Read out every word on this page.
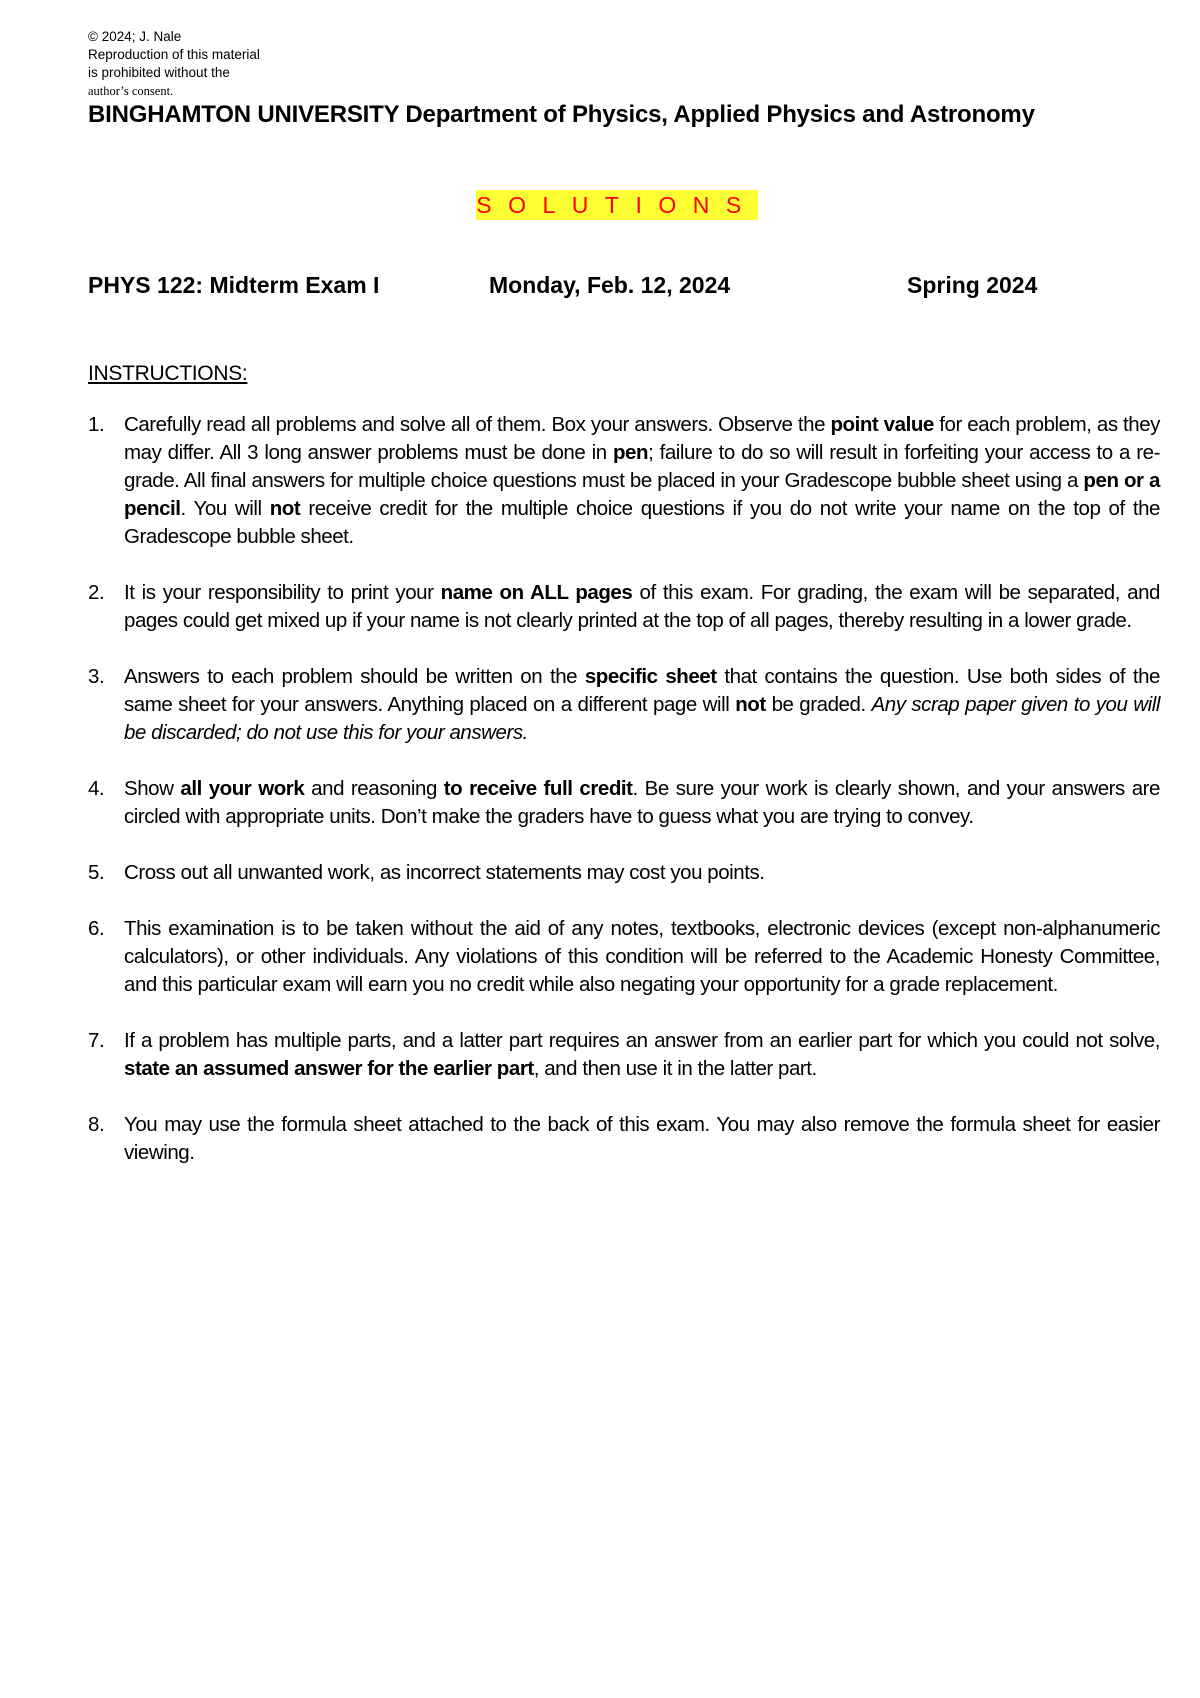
© 2024; J. Nale
Reproduction of this material
is prohibited without the
author’s consent.
BINGHAMTON UNIVERSITY Department of Physics, Applied Physics and Astronomy
SOLUTIONS
PHYS 122: Midterm Exam I	Monday, Feb. 12, 2024	Spring 2024
INSTRUCTIONS:
1. Carefully read all problems and solve all of them. Box your answers. Observe the point value for each problem, as they may differ. All 3 long answer problems must be done in pen; failure to do so will result in forfeiting your access to a re-grade. All final answers for multiple choice questions must be placed in your Gradescope bubble sheet using a pen or a pencil. You will not receive credit for the multiple choice questions if you do not write your name on the top of the Gradescope bubble sheet.
2. It is your responsibility to print your name on ALL pages of this exam. For grading, the exam will be separated, and pages could get mixed up if your name is not clearly printed at the top of all pages, thereby resulting in a lower grade.
3. Answers to each problem should be written on the specific sheet that contains the question. Use both sides of the same sheet for your answers. Anything placed on a different page will not be graded. Any scrap paper given to you will be discarded; do not use this for your answers.
4. Show all your work and reasoning to receive full credit. Be sure your work is clearly shown, and your answers are circled with appropriate units. Don’t make the graders have to guess what you are trying to convey.
5. Cross out all unwanted work, as incorrect statements may cost you points.
6. This examination is to be taken without the aid of any notes, textbooks, electronic devices (except non-alphanumeric calculators), or other individuals. Any violations of this condition will be referred to the Academic Honesty Committee, and this particular exam will earn you no credit while also negating your opportunity for a grade replacement.
7. If a problem has multiple parts, and a latter part requires an answer from an earlier part for which you could not solve, state an assumed answer for the earlier part, and then use it in the latter part.
8. You may use the formula sheet attached to the back of this exam. You may also remove the formula sheet for easier viewing.
